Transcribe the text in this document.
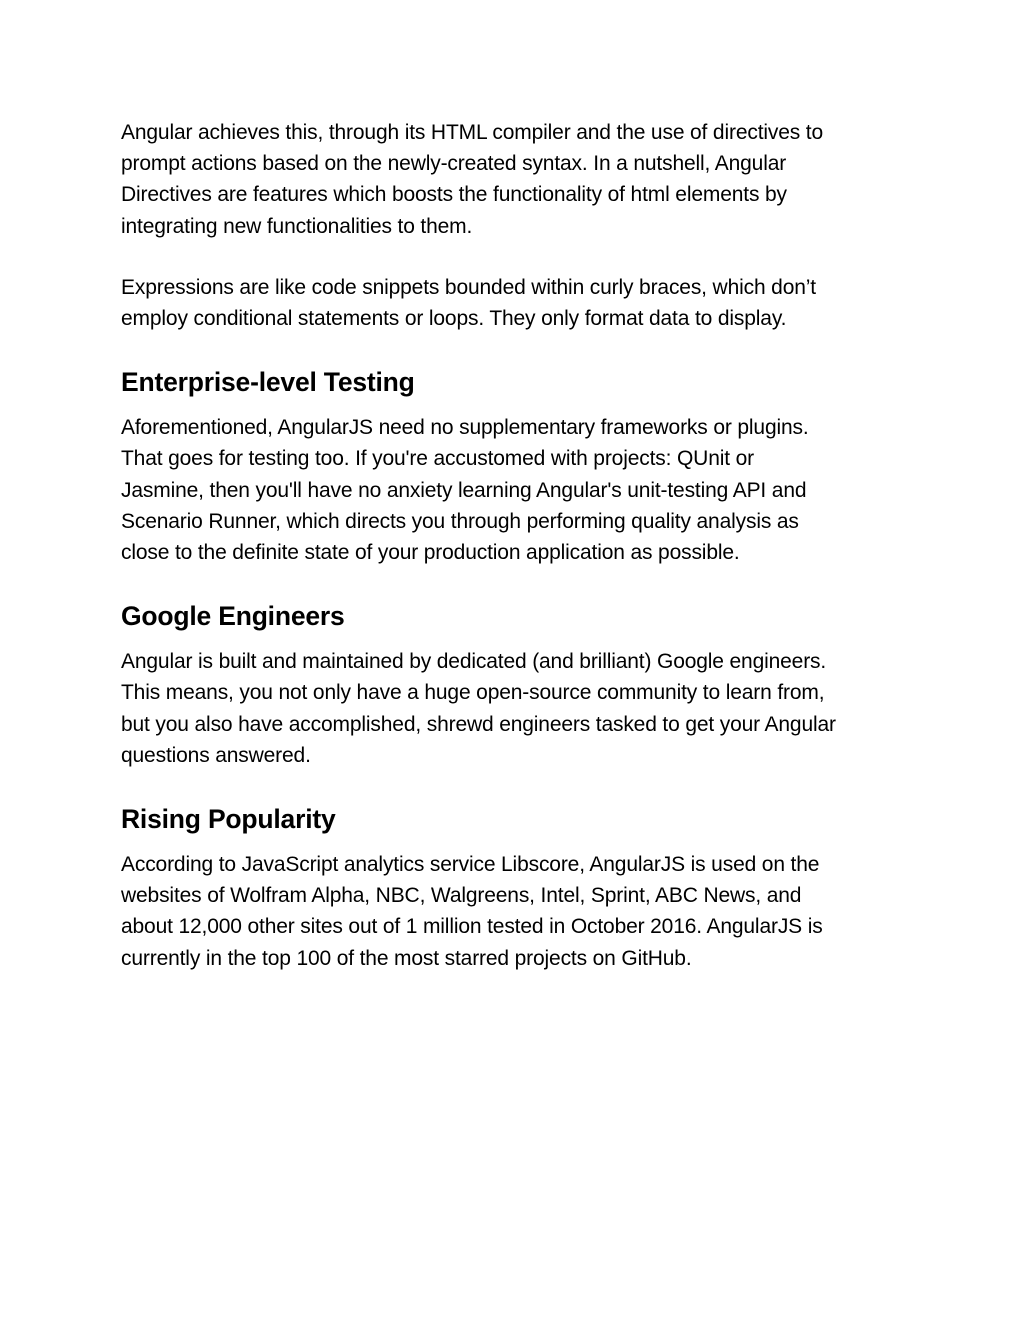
Angular achieves this, through its HTML compiler and the use of directives to
prompt actions based on the newly-created syntax. In a nutshell, Angular
Directives are features which boosts the functionality of html elements by
integrating new functionalities to them.

Expressions are like code snippets bounded within curly braces, which don’t
employ conditional statements or loops. They only format data to display.

Enterprise-level Testing

Aforementioned, AngularJS need no supplementary frameworks or plugins.
That goes for testing too. If you're accustomed with projects: QUnit or
Jasmine, then you'll have no anxiety learning Angular's unit-testing API and
Scenario Runner, which directs you through performing quality analysis as
close to the definite state of your production application as possible.

Google Engineers

Angular is built and maintained by dedicated (and brilliant) Google engineers.
This means, you not only have a huge open-source community to learn from,
but you also have accomplished, shrewd engineers tasked to get your Angular
questions answered.

Rising Popularity

According to JavaScript analytics service Libscore, AngularJS is used on the
websites of Wolfram Alpha, NBC, Walgreens, Intel, Sprint, ABC News, and
about 12,000 other sites out of 1 million tested in October 2016. AngularJS is
currently in the top 100 of the most starred projects on GitHub.
